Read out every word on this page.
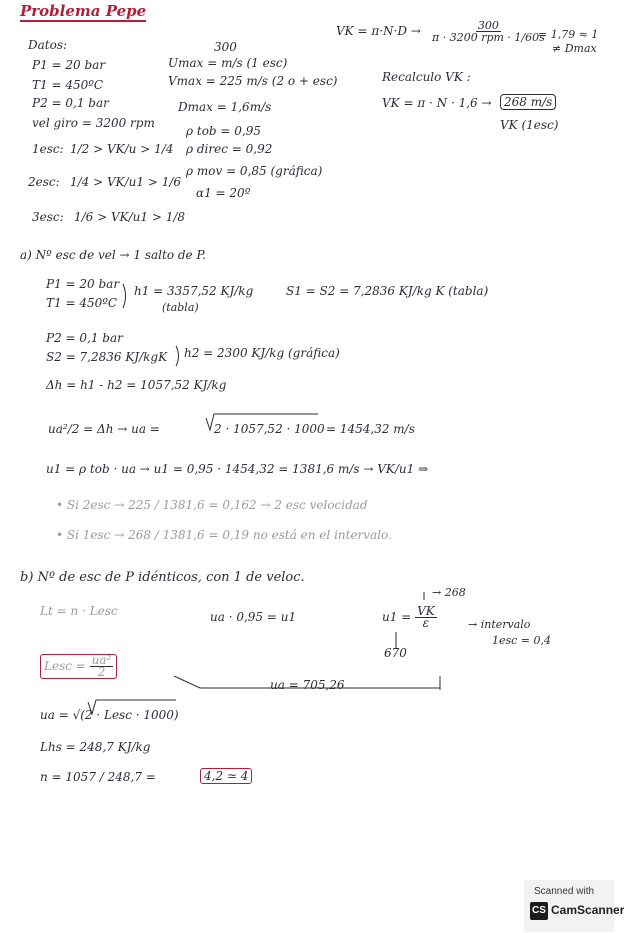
Problema Pepe
Datos:
P1 = 20 bar
T1 = 450ºC
P2 = 0,1 bar
vel giro = 3200 rpm
1esc: 1/2 > VK/u > 1/4
2esc: 1/4 > VK/u1 > 1/6
3esc: 1/6 > VK/u1 > 1/8
300
Umax = m/s (1 esc)
Vmax = 225 m/s (2 o + esc)
Dmax = 1,6m/s
ρ tob = 0,95
ρ direc = 0,92
ρ mov = 0,85 (gráfica)
α1 = 20º
VK = $\pi\cdot N\cdot D \to \frac{300}{\text{π · 3200 rpm · 1/60s}}$
= 1,79 ≈ 1
≠ Dmax
Recalculo VK :
VK = π · N · 1,6 →	268 m/s
VK (1esc)
a) Nº esc de vel → 1 salto de P.
P1 = 20 bar
T1 = 450ºC
h1 = 3357,52 KJ/kg
(tabla)
S1 = S2 = 7,2836 KJ/kg K (tabla)
P2 = 0,1 bar
S2 = 7,2836 KJ/kgK h2 = 2300 KJ/kg (gráfica)
Δh = h1 - h2 = 1057,52 KJ/kg
ua²/2 = Δh → ua =	2 · 1057,52 · 1000 = 1454,32 m/s
u1 = ρ tob · ua → u1 = 0,95 · 1454,32 = 1381,6 m/s → VK/u1 ⇒
• Si 2esc → 225 / 1381,6 = 0,162 → 2 esc velocidad
• Si 1esc → 268 / 1381,6 = 0,19 no está en el intervalo.
b) Nº de esc de P idénticos, con 1 de veloc.
→ 268
Lt = n · Lesc	ua · 0,95 = u1	$u1 = \frac{VK}{\varepsilon}$	→ intervalo
1esc = 0,4
670
Lesc = $\frac{\text{ua²}}{2}$
ua = 705,26
ua = √(2 · Lesc · 1000)
Lhs = 248,7 KJ/kg
n = 1057 / 248,7 =	4,2 ≃ 4
Scanned with
CS CamScanner
